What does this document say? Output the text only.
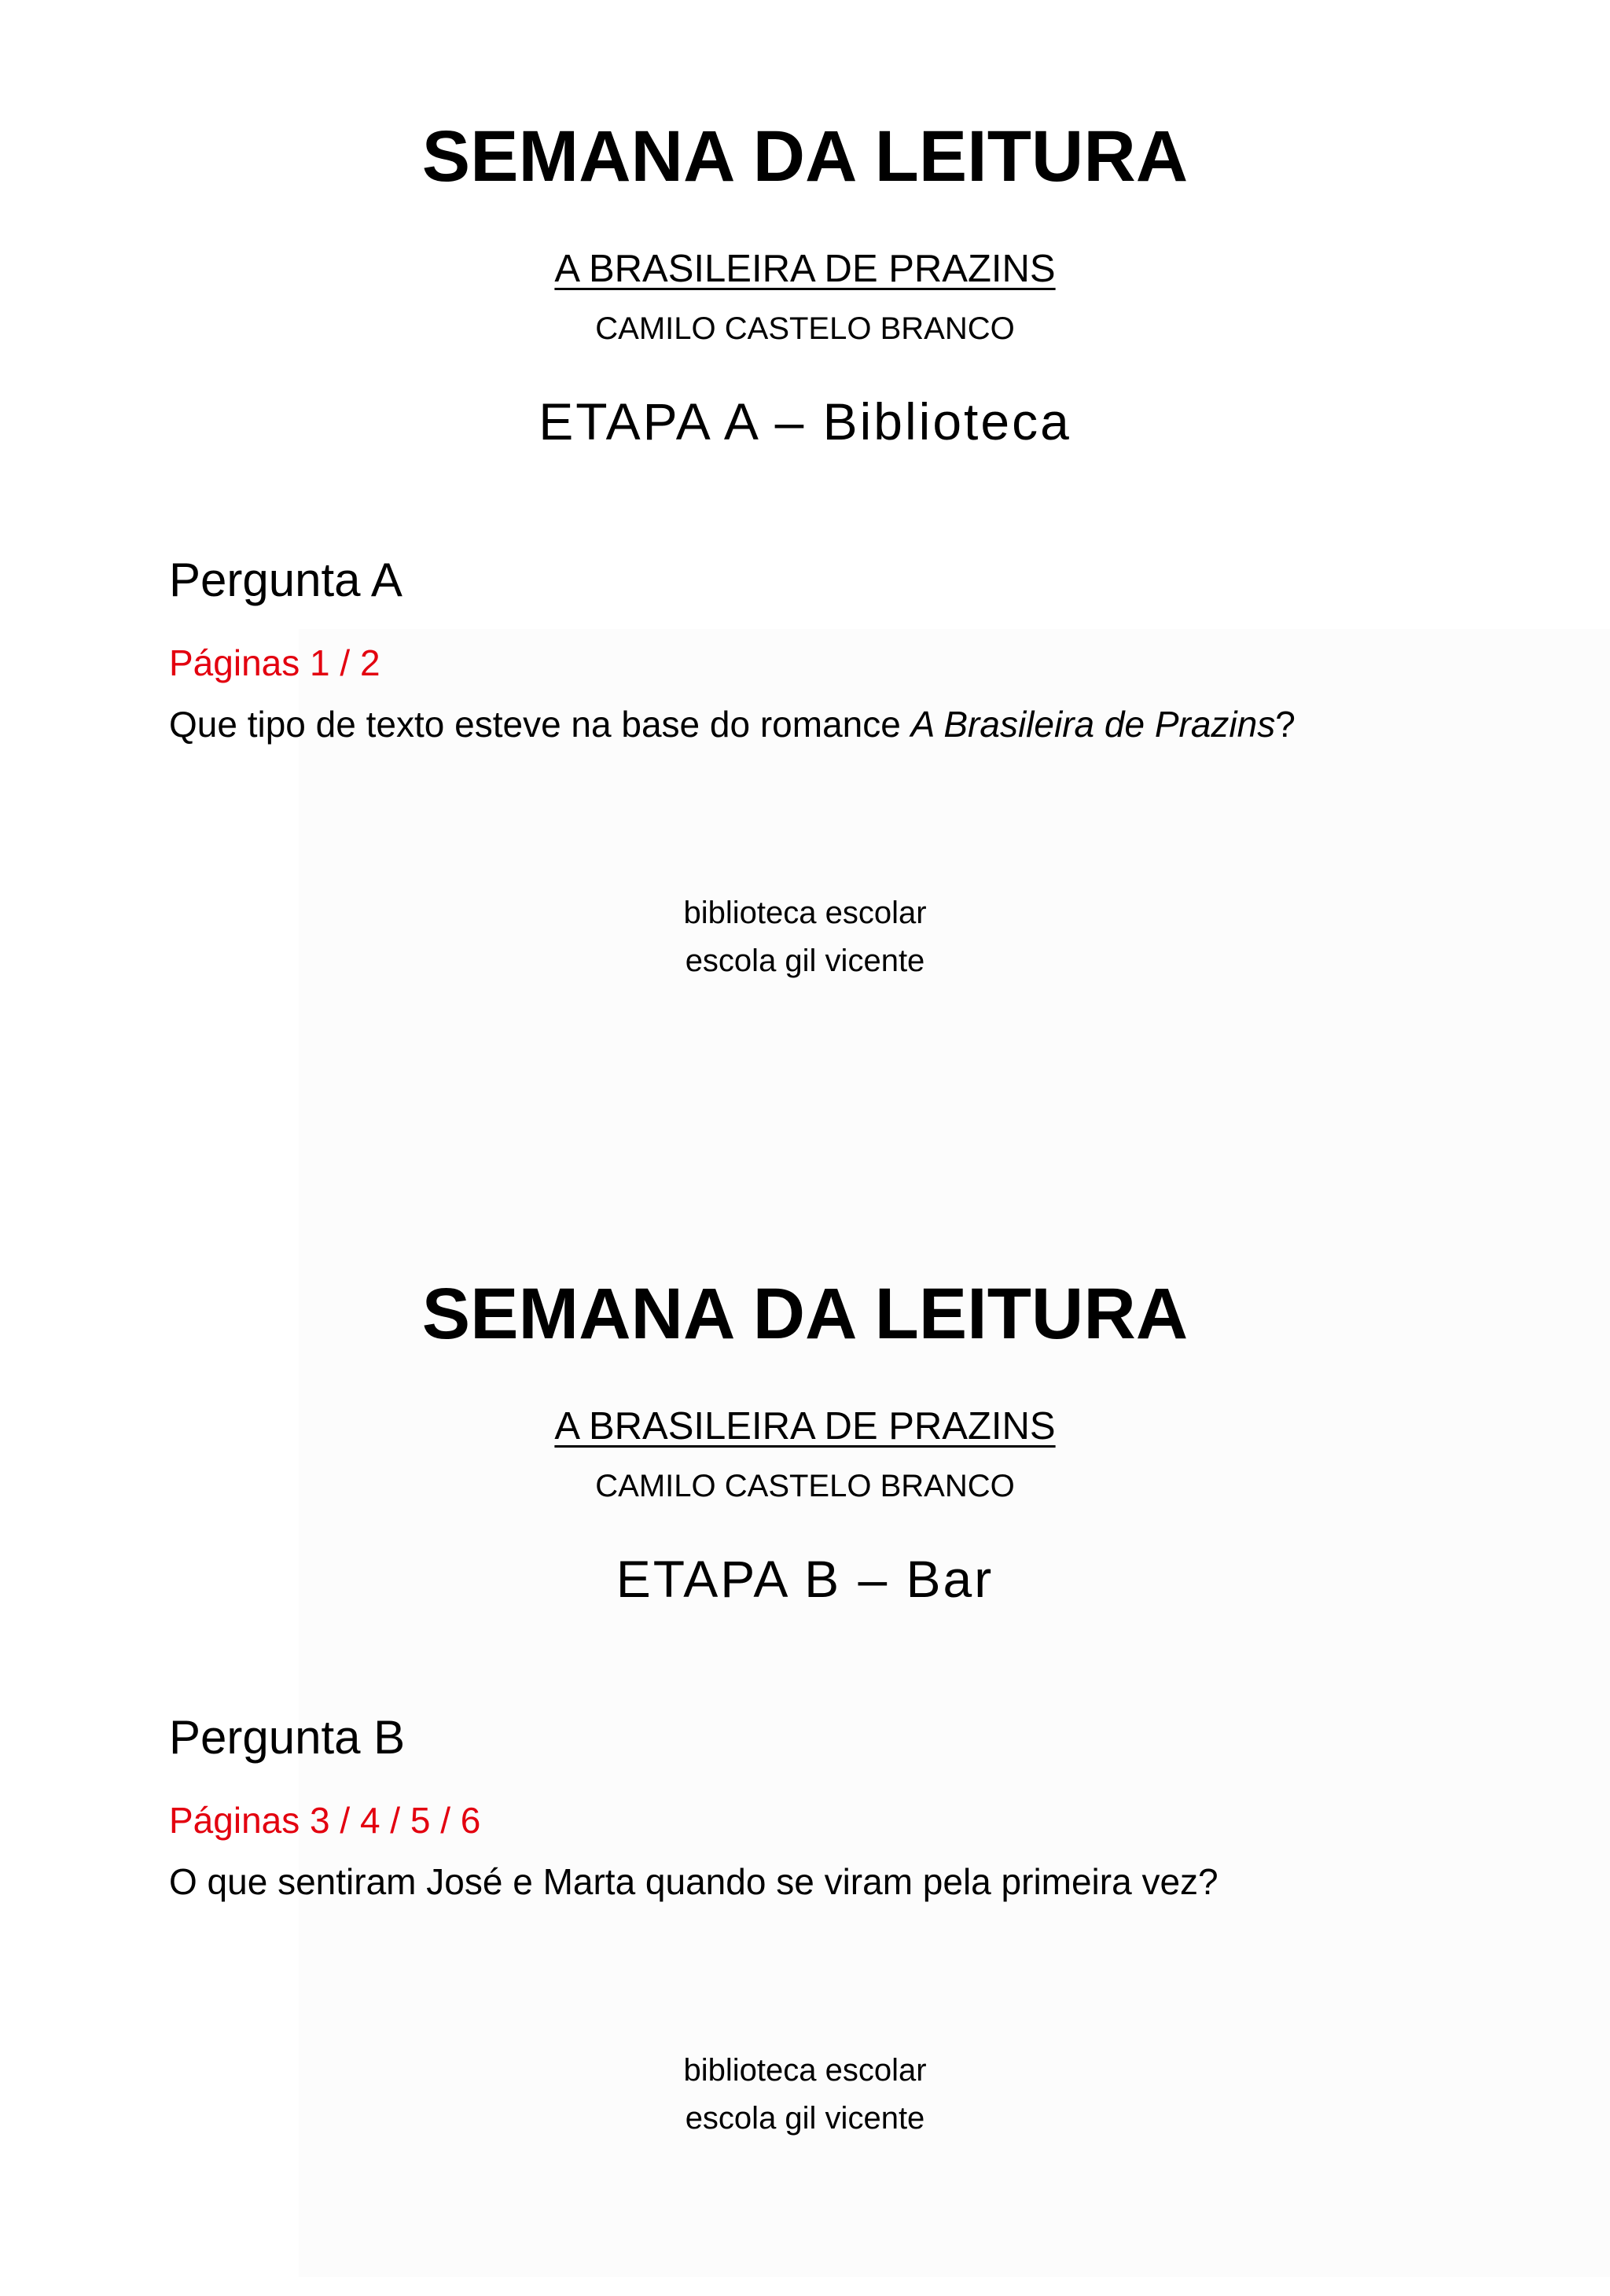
SEMANA DA LEITURA
A BRASILEIRA DE PRAZINS
CAMILO CASTELO BRANCO
ETAPA A – Biblioteca
Pergunta A
Páginas 1 / 2
Que tipo de texto esteve na base do romance A Brasileira de Prazins?
biblioteca escolar
escola gil vicente
SEMANA DA LEITURA
A BRASILEIRA DE PRAZINS
CAMILO CASTELO BRANCO
ETAPA B – Bar
Pergunta B
Páginas 3 / 4 / 5 / 6
O que sentiram José e Marta quando se viram pela primeira vez?
biblioteca escolar
escola gil vicente
